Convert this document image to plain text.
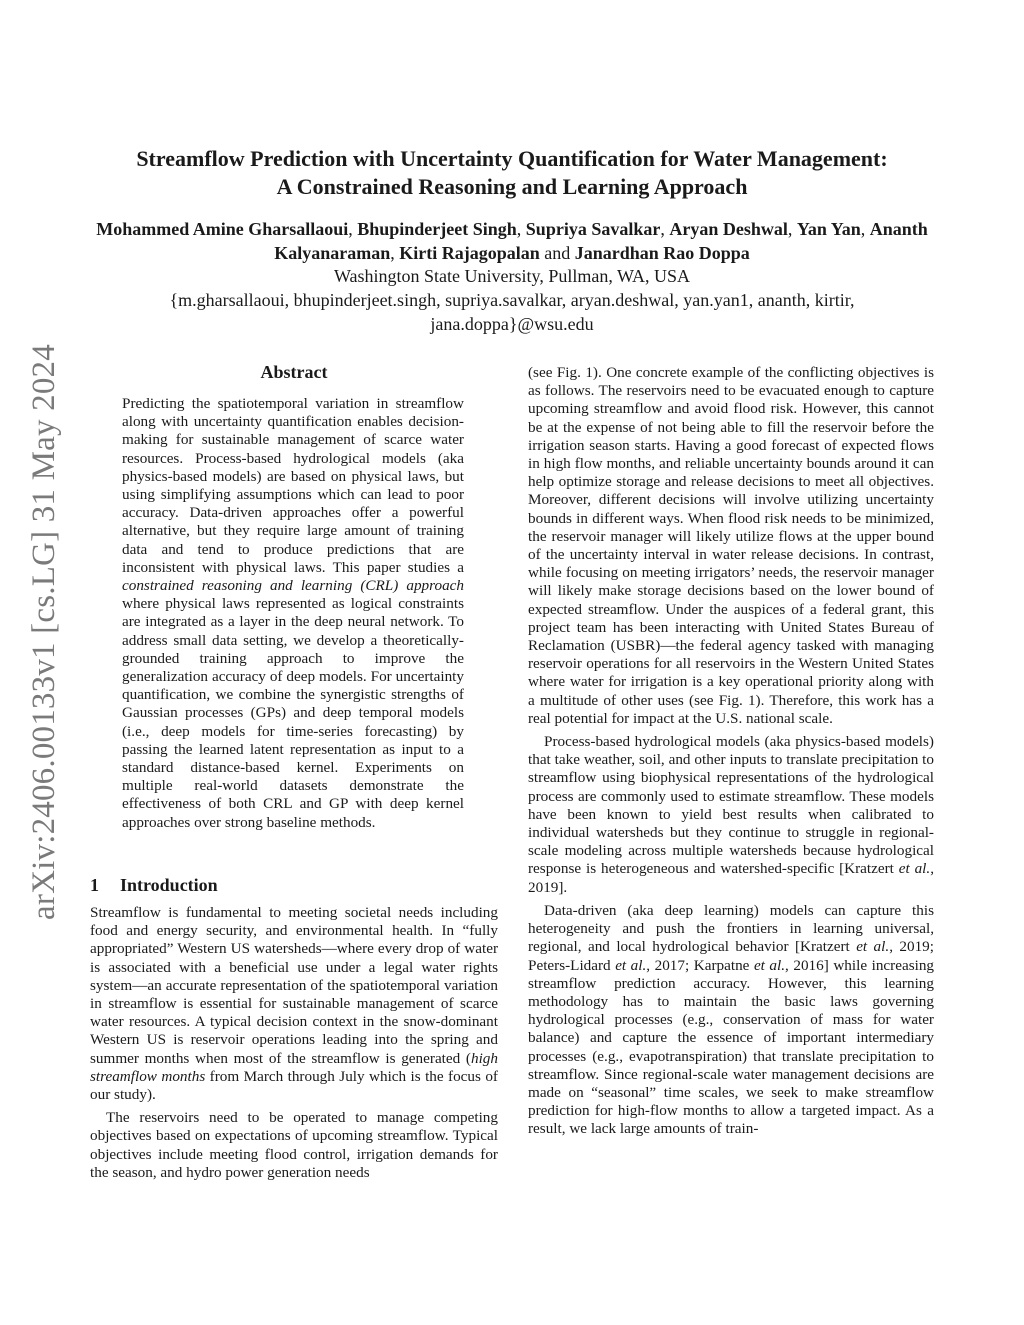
arXiv:2406.00133v1 [cs.LG] 31 May 2024
Streamflow Prediction with Uncertainty Quantification for Water Management:
A Constrained Reasoning and Learning Approach
Mohammed Amine Gharsallaoui, Bhupinderjeet Singh, Supriya Savalkar, Aryan Deshwal, Yan Yan, Ananth Kalyanaraman, Kirti Rajagopalan and Janardhan Rao Doppa
Washington State University, Pullman, WA, USA
{m.gharsallaoui, bhupinderjeet.singh, supriya.savalkar, aryan.deshwal, yan.yan1, ananth, kirtir, jana.doppa}@wsu.edu
Abstract

Predicting the spatiotemporal variation in streamflow along with uncertainty quantification enables decision-making for sustainable management of scarce water resources. Process-based hydrological models (aka physics-based models) are based on physical laws, but using simplifying assumptions which can lead to poor accuracy. Data-driven approaches offer a powerful alternative, but they require large amount of training data and tend to produce predictions that are inconsistent with physical laws. This paper studies a constrained reasoning and learning (CRL) approach where physical laws represented as logical constraints are integrated as a layer in the deep neural network. To address small data setting, we develop a theoretically-grounded training approach to improve the generalization accuracy of deep models. For uncertainty quantification, we combine the synergistic strengths of Gaussian processes (GPs) and deep temporal models (i.e., deep models for time-series forecasting) by passing the learned latent representation as input to a standard distance-based kernel. Experiments on multiple real-world datasets demonstrate the effectiveness of both CRL and GP with deep kernel approaches over strong baseline methods.

1 Introduction

Streamflow is fundamental to meeting societal needs including food and energy security, and environmental health. In “fully appropriated” Western US watersheds—where every drop of water is associated with a beneficial use under a legal water rights system—an accurate representation of the spatiotemporal variation in streamflow is essential for sustainable management of scarce water resources. A typical decision context in the snow-dominant Western US is reservoir operations leading into the spring and summer months when most of the streamflow is generated (high streamflow months from March through July which is the focus of our study).

The reservoirs need to be operated to manage competing objectives based on expectations of upcoming streamflow. Typical objectives include meeting flood control, irrigation demands for the season, and hydro power generation needs

(see Fig. 1). One concrete example of the conflicting objectives is as follows. The reservoirs need to be evacuated enough to capture upcoming streamflow and avoid flood risk. However, this cannot be at the expense of not being able to fill the reservoir before the irrigation season starts. Having a good forecast of expected flows in high flow months, and reliable uncertainty bounds around it can help optimize storage and release decisions to meet all objectives. Moreover, different decisions will involve utilizing uncertainty bounds in different ways. When flood risk needs to be minimized, the reservoir manager will likely utilize flows at the upper bound of the uncertainty interval in water release decisions. In contrast, while focusing on meeting irrigators’ needs, the reservoir manager will likely make storage decisions based on the lower bound of expected streamflow. Under the auspices of a federal grant, this project team has been interacting with United States Bureau of Reclamation (USBR)—the federal agency tasked with managing reservoir operations for all reservoirs in the Western United States where water for irrigation is a key operational priority along with a multitude of other uses (see Fig. 1). Therefore, this work has a real potential for impact at the U.S. national scale.

Process-based hydrological models (aka physics-based models) that take weather, soil, and other inputs to translate precipitation to streamflow using biophysical representations of the hydrological process are commonly used to estimate streamflow. These models have been known to yield best results when calibrated to individual watersheds but they continue to struggle in regional-scale modeling across multiple watersheds because hydrological response is heterogeneous and watershed-specific [Kratzert et al., 2019].

Data-driven (aka deep learning) models can capture this heterogeneity and push the frontiers in learning universal, regional, and local hydrological behavior [Kratzert et al., 2019; Peters-Lidard et al., 2017; Karpatne et al., 2016] while increasing streamflow prediction accuracy. However, this learning methodology has to maintain the basic laws governing hydrological processes (e.g., conservation of mass for water balance) and capture the essence of important intermediary processes (e.g., evapotranspiration) that translate precipitation to streamflow. Since regional-scale water management decisions are made on “seasonal” time scales, we seek to make streamflow prediction for high-flow months to allow a targeted impact. As a result, we lack large amounts of train-
